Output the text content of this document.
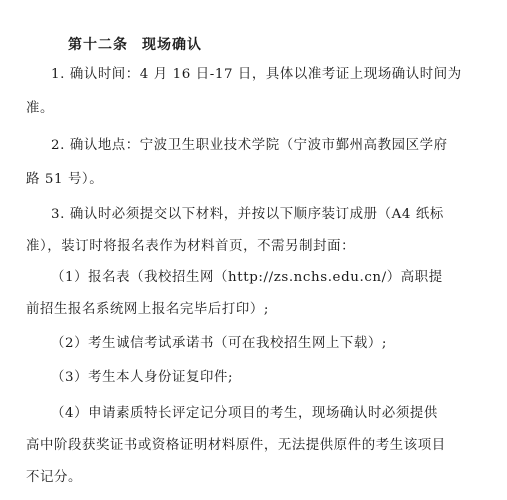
第十二条 现场确认
1. 确认时间：4 月 16 日-17 日，具体以准考证上现场确认时间为
准。
2. 确认地点：宁波卫生职业技术学院（宁波市鄞州高教园区学府
路 51 号）。
3. 确认时必须提交以下材料，并按以下顺序装订成册（A4 纸标
准），装订时将报名表作为材料首页，不需另制封面：
（1）报名表（我校招生网（http://zs.nchs.edu.cn/）高职提
前招生报名系统网上报名完毕后打印）;
（2）考生诚信考试承诺书（可在我校招生网上下载）;
（3）考生本人身份证复印件;
（4）申请素质特长评定记分项目的考生，现场确认时必须提供
高中阶段获奖证书或资格证明材料原件，无法提供原件的考生该项目
不记分。
